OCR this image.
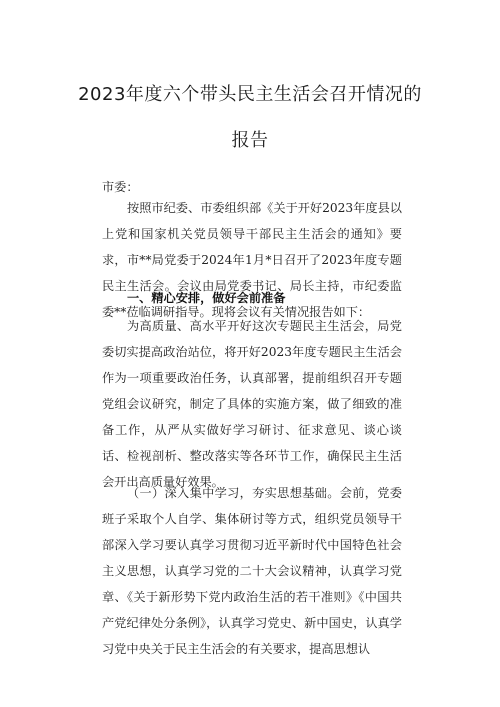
2023年度六个带头民主生活会召开情况的
报告
市委：
按照市纪委、市委组织部《关于开好2023年度县以上党和国家机关党员领导干部民主生活会的通知》要求，市**局党委于2024年1月*日召开了2023年度专题民主生活会。会议由局党委书记、局长主持，市纪委监委**莅临调研指导。现将会议有关情况报告如下：
一、精心安排，做好会前准备
为高质量、高水平开好这次专题民主生活会，局党委切实提高政治站位，将开好2023年度专题民主生活会作为一项重要政治任务，认真部署，提前组织召开专题党组会议研究，制定了具体的实施方案，做了细致的准备工作，从严从实做好学习研讨、征求意见、谈心谈话、检视剖析、整改落实等各环节工作，确保民主生活会开出高质量好效果。
（一）深入集中学习，夯实思想基础。会前，党委班子采取个人自学、集体研讨等方式，组织党员领导干部深入学习要认真学习贯彻习近平新时代中国特色社会主义思想，认真学习党的二十大会议精神，认真学习党章、《关于新形势下党内政治生活的若干准则》《中国共产党纪律处分条例》，认真学习党史、新中国史，认真学习党中央关于民主生活会的有关要求，提高思想认
